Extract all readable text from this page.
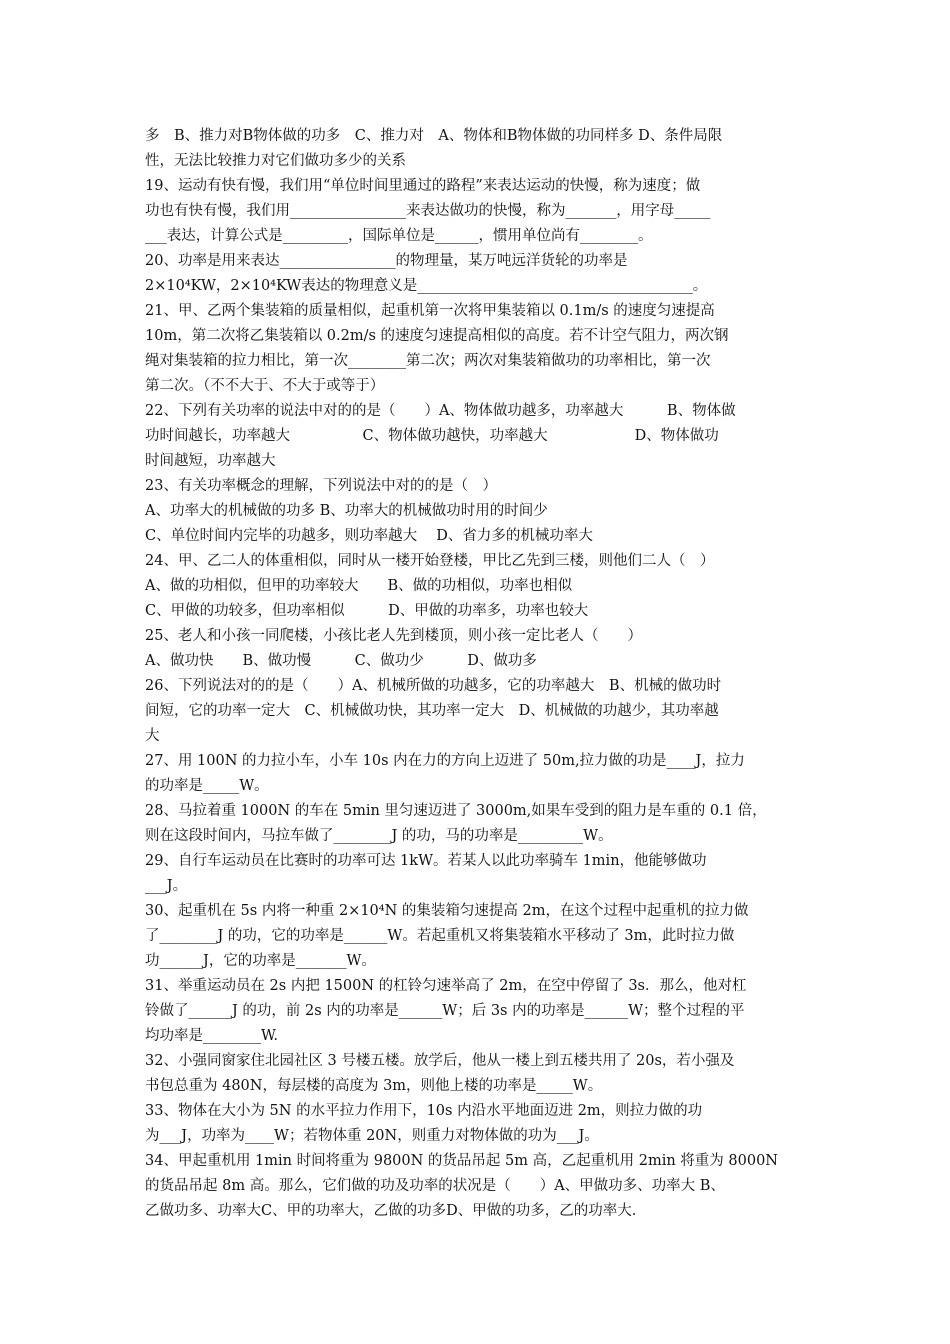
多　B、推力对B物体做的功多　C、推力对　A、物体和B物体做的功同样多 D、条件局限
性，无法比较推力对它们做功多少的关系
19、运动有快有慢，我们用“单位时间里通过的路程”来表达运动的快慢，称为速度；做
功也有快有慢，我们用________________来表达做功的快慢，称为_______，用字母_____
___表达，计算公式是_________，国际单位是______，惯用单位尚有________。
20、功率是用来表达________________的物理量，某万吨远洋货轮的功率是
2×10⁴KW，2×10⁴KW表达的物理意义是______________________________________。
21、甲、乙两个集装箱的质量相似，起重机第一次将甲集装箱以 0.1m/s 的速度匀速提高
10m，第二次将乙集装箱以 0.2m/s 的速度匀速提高相似的高度。若不计空气阻力，两次钢
绳对集装箱的拉力相比，第一次________第二次；两次对集装箱做功的功率相比，第一次
第二次。（不不大于、不大于或等于）
22、下列有关功率的说法中对的的是（　　）A、物体做功越多，功率越大　　　B、物体做
功时间越长，功率越大　　　　　C、物体做功越快，功率越大　　　　　　D、物体做功
时间越短，功率越大
23、有关功率概念的理解，下列说法中对的的是（　）
A、功率大的机械做的功多 B、功率大的机械做功时用的时间少
C、单位时间内完毕的功越多，则功率越大　 D、省力多的机械功率大
24、甲、乙二人的体重相似，同时从一楼开始登楼，甲比乙先到三楼，则他们二人（　）
A、做的功相似，但甲的功率较大　　B、做的功相似，功率也相似
C、甲做的功较多，但功率相似　　　D、甲做的功率多，功率也较大
25、老人和小孩一同爬楼，小孩比老人先到楼顶，则小孩一定比老人（　　）
A、做功快　　B、做功慢　　　C、做功少　　　D、做功多
26、下列说法对的的是（　　）A、机械所做的功越多，它的功率越大　B、机械的做功时
间短，它的功率一定大　C、机械做功快，其功率一定大　D、机械做的功越少，其功率越
大
27、用 100N 的力拉小车，小车 10s 内在力的方向上迈进了 50m,拉力做的功是____J，拉力
的功率是_____W。
28、马拉着重 1000N 的车在 5min 里匀速迈进了 3000m,如果车受到的阻力是车重的 0.1 倍，
则在这段时间内，马拉车做了________J 的功，马的功率是_________W。
29、自行车运动员在比赛时的功率可达 1kW。若某人以此功率骑车 1min，他能够做功
___J。
30、起重机在 5s 内将一种重 2×10⁴N 的集装箱匀速提高 2m，在这个过程中起重机的拉力做
了________J 的功，它的功率是______W。若起重机又将集装箱水平移动了 3m，此时拉力做
功______J，它的功率是_______W。
31、举重运动员在 2s 内把 1500N 的杠铃匀速举高了 2m，在空中停留了 3s．那么，他对杠
铃做了______J 的功，前 2s 内的功率是______W；后 3s 内的功率是______W；整个过程的平
均功率是________W.
32、小强同窗家住北园社区 3 号楼五楼。放学后，他从一楼上到五楼共用了 20s，若小强及
书包总重为 480N，每层楼的高度为 3m，则他上楼的功率是_____W。
33、物体在大小为 5N 的水平拉力作用下，10s 内沿水平地面迈进 2m，则拉力做的功
为___J，功率为____W；若物体重 20N，则重力对物体做的功为___J。
34、甲起重机用 1min 时间将重为 9800N 的货品吊起 5m 高，乙起重机用 2min 将重为 8000N
的货品吊起 8m 高。那么，它们做的功及功率的状况是（　　）A、甲做功多、功率大 B、
乙做功多、功率大C、甲的功率大，乙做的功多D、甲做的功多，乙的功率大.
